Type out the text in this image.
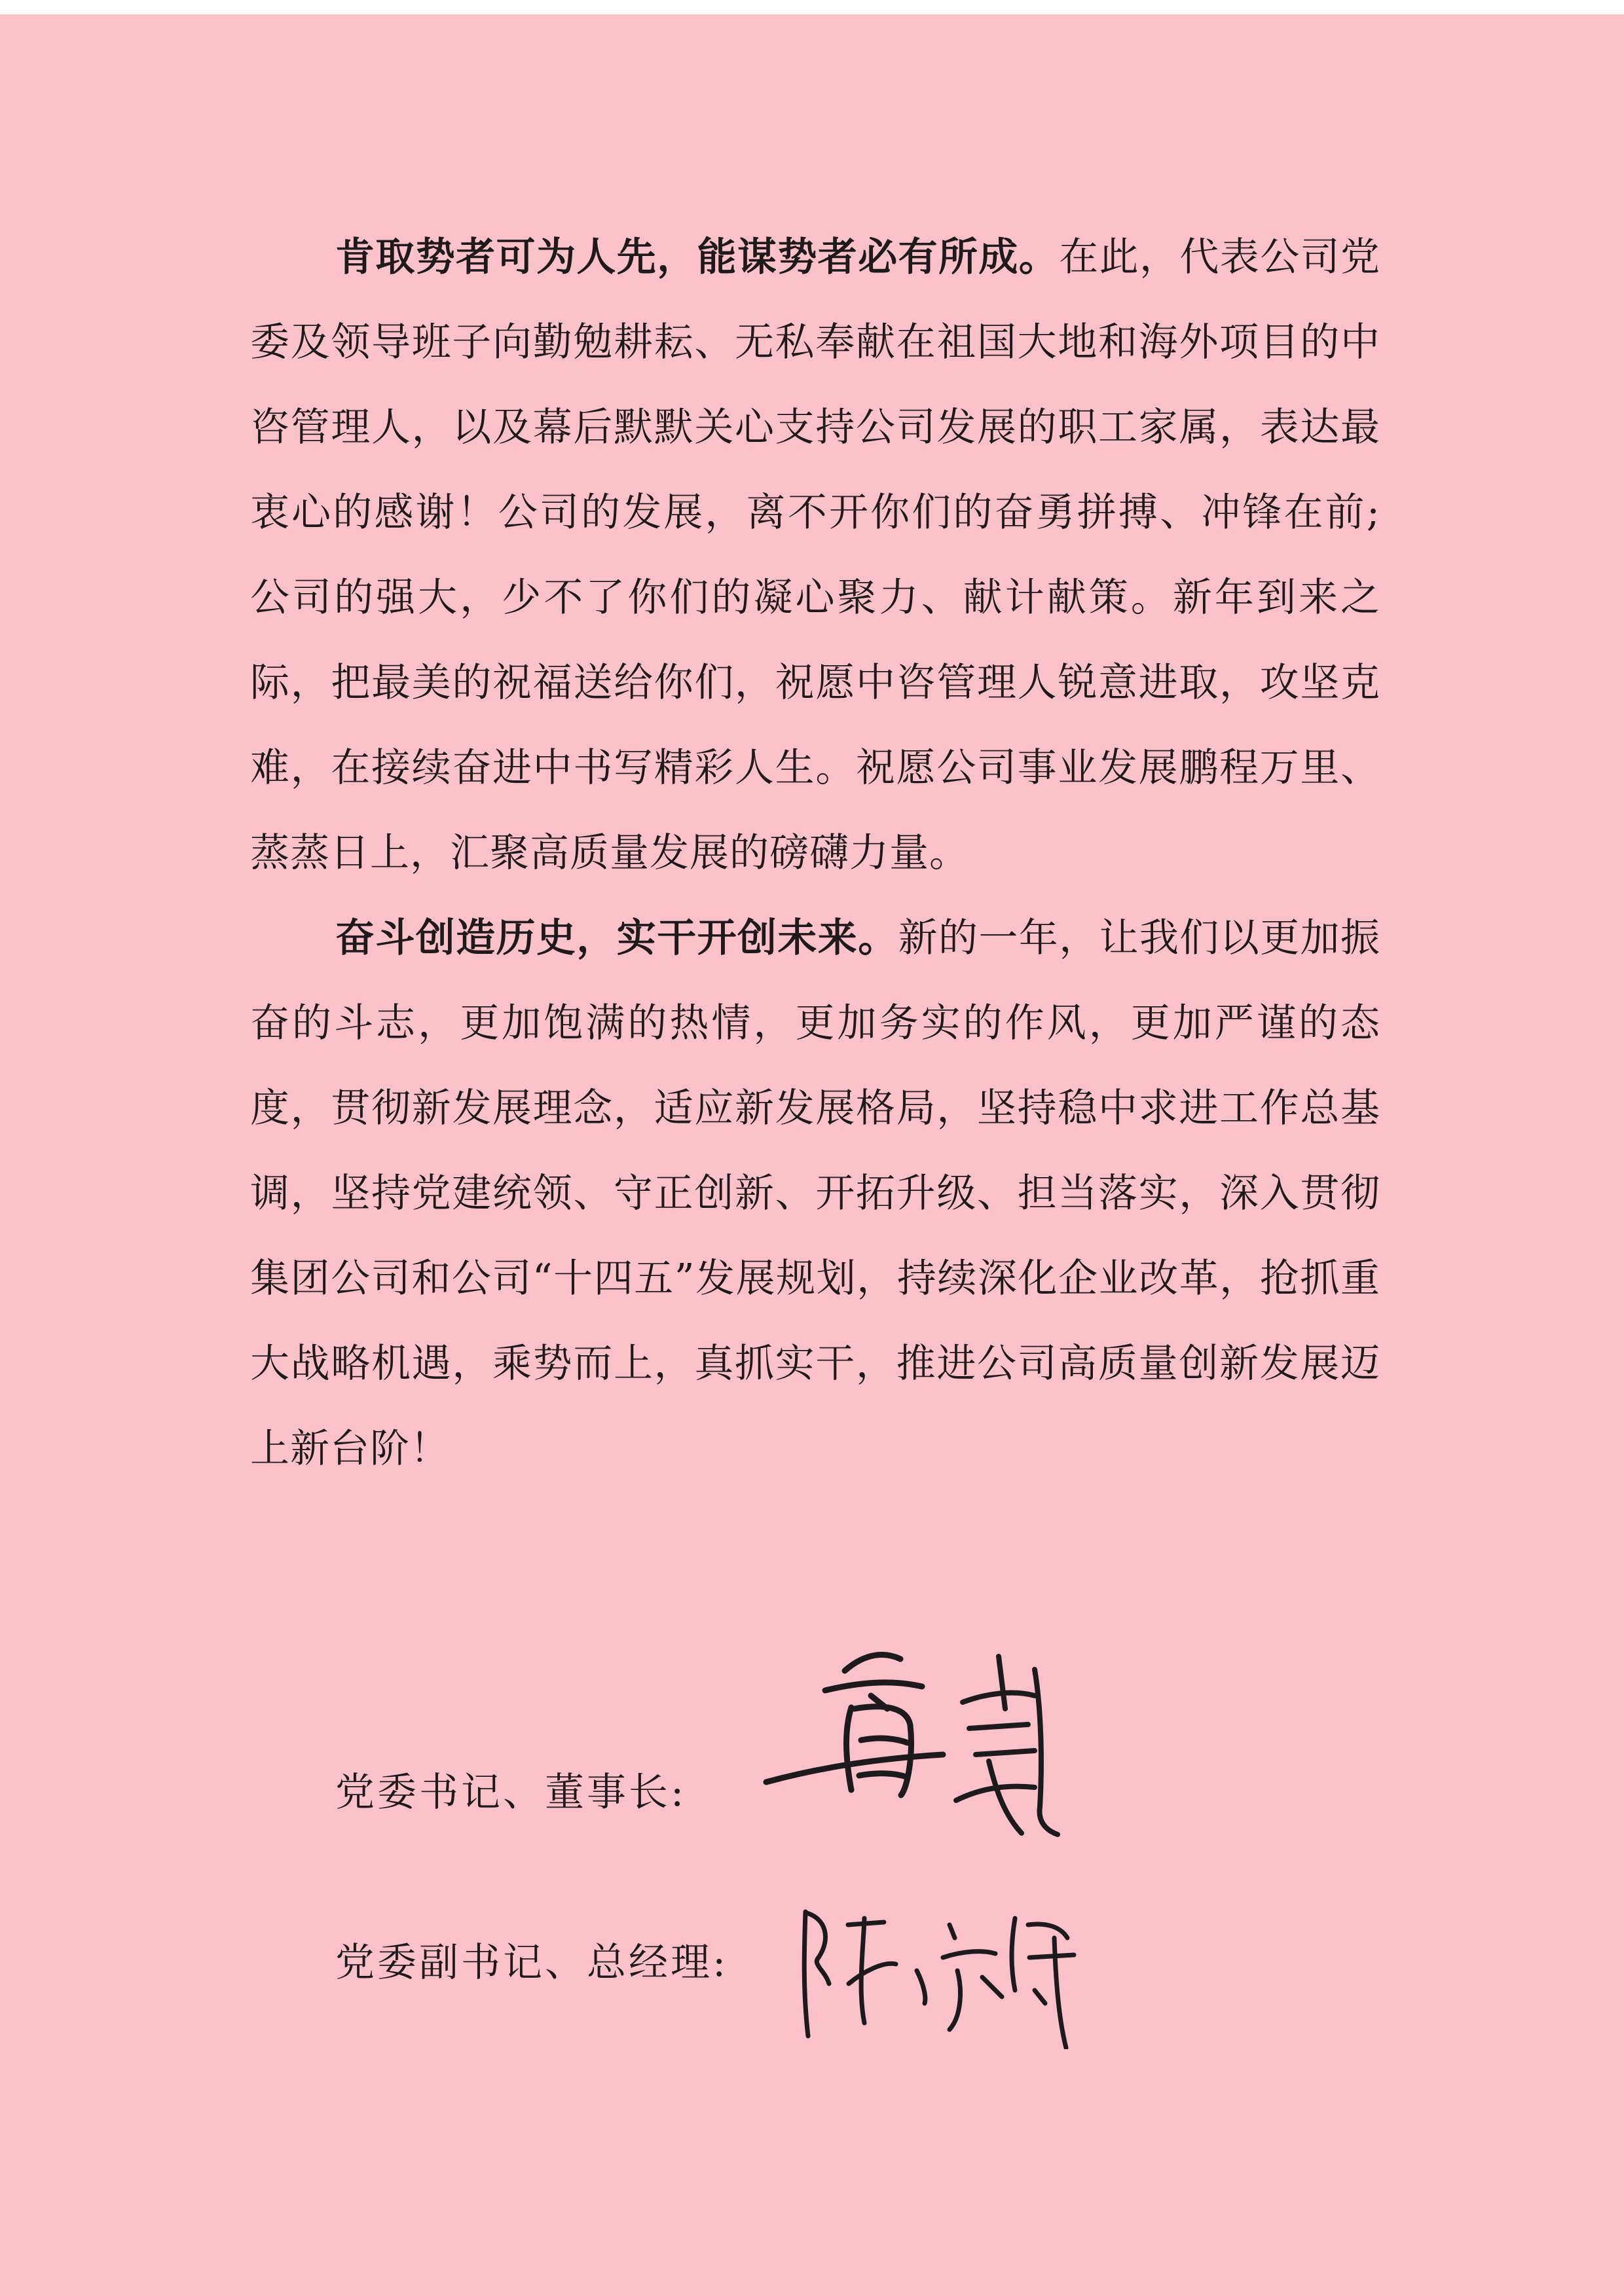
肯取势者可为人先，能谋势者必有所成。在此，代表公司党委及领导班子向勤勉耕耘、无私奉献在祖国大地和海外项目的中咨管理人，以及幕后默默关心支持公司发展的职工家属，表达最衷心的感谢！公司的发展，离不开你们的奋勇拼搏、冲锋在前;公司的强大，少不了你们的凝心聚力、献计献策。新年到来之际，把最美的祝福送给你们，祝愿中咨管理人锐意进取，攻坚克难，在接续奋进中书写精彩人生。祝愿公司事业发展鹏程万里、蒸蒸日上，汇聚高质量发展的磅礴力量。

奋斗创造历史，实干开创未来。新的一年，让我们以更加振奋的斗志，更加饱满的热情，更加务实的作风，更加严谨的态度，贯彻新发展理念，适应新发展格局，坚持稳中求进工作总基调，坚持党建统领、守正创新、开拓升级、担当落实，深入贯彻集团公司和公司“十四五”发展规划，持续深化企业改革，抢抓重大战略机遇，乘势而上，真抓实干，推进公司高质量创新发展迈上新台阶！

党委书记、董事长:
党委副书记、总经理:
